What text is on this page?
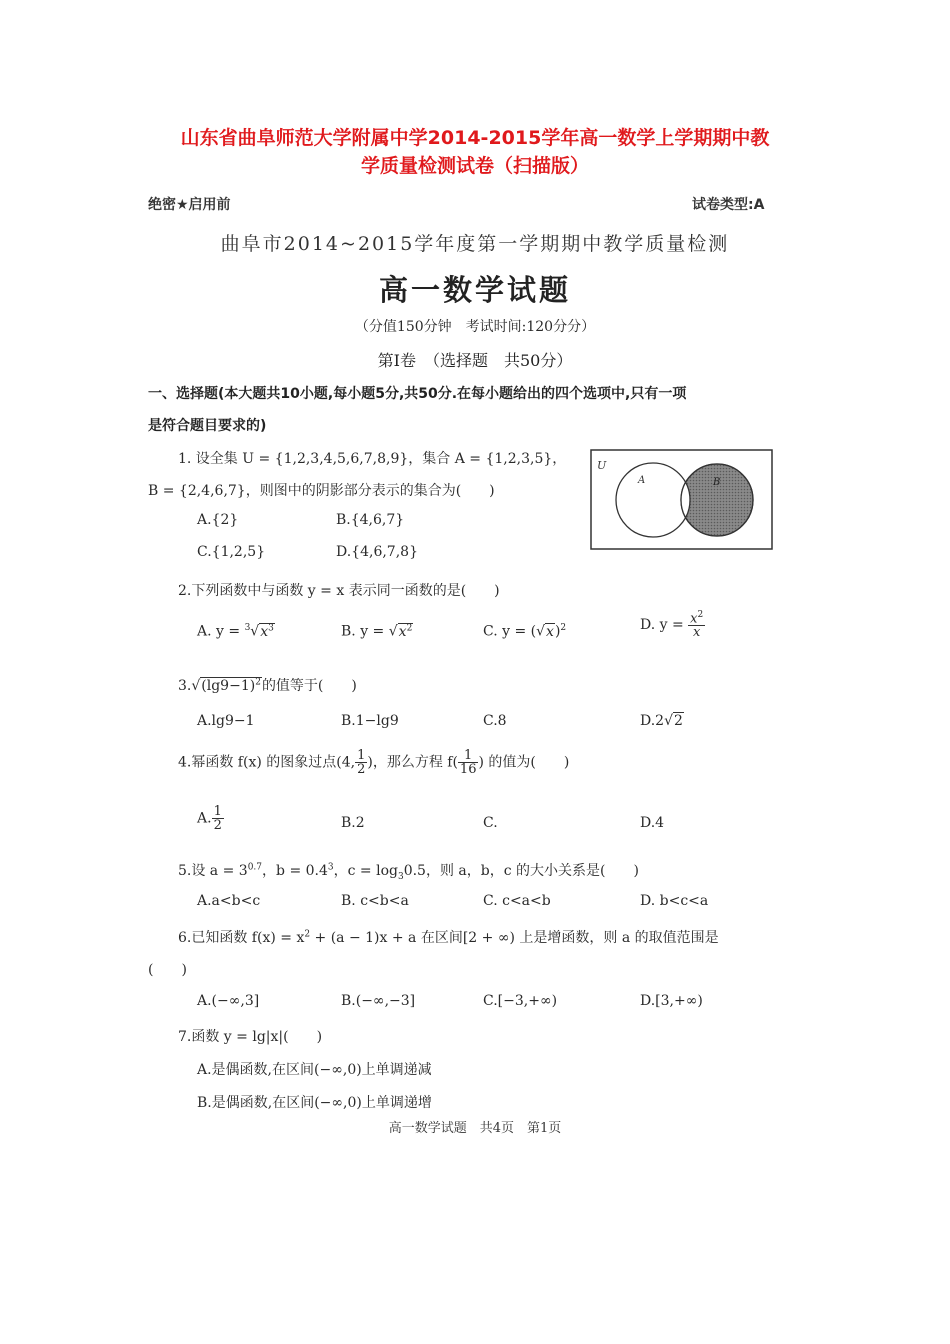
山东省曲阜师范大学附属中学2014-2015学年高一数学上学期期中教
学质量检测试卷（扫描版）
绝密★启用前	试卷类型:A
曲阜市2014~2015学年度第一学期期中教学质量检测
高一数学试题
（分值150分钟　考试时间:120分分）
第Ⅰ卷　（选择题　共50分）
一、选择题(本大题共10小题,每小题5分,共50分.在每小题给出的四个选项中,只有一项
是符合题目要求的)
1. 设全集 U = {1,2,3,4,5,6,7,8,9}，集合 A = {1,2,3,5}，
B = {2,4,6,7}，则图中的阴影部分表示的集合为(　　)
A.{2}	B.{4,6,7}
C.{1,2,5}	D.{4,6,7,8}
U
A	B
2.下列函数中与函数 y = x 表示同一函数的是(　　)
A. $y = ^3√x^3$	B. $y = √x^2$	C. $y = (√x)^2$	D. $y = \frac{x^2}{x}$
$3.√(\lg 9-1)^2$的值等于(　　)
A.lg9−1	B.1−lg9	C.8	D.2√2
4.幂函数 f(x) 的图象过点(4, $\frac{1}{2}$ )，那么方程 $f( \frac{1}{16}$ ) 的值为(　　)
A. $\frac{1}{2}$	B.2	C.	D.4
5.设 $a = 3^{0.7}$，$b = 0.4^3$，$c = \log_30.5$，则 a，b，c 的大小关系是(　　)
A.a<b<c	B. c<b<a	C. c<a<b	D. b<c<a
6.已知函数 $f(x) = x^2 + (a - 1)x + a$ 在区间[2 + ∞) 上是增函数，则 a 的取值范围是
(　　)
A.(−∞,3]	B.(−∞,−3]	C.[−3,+∞)	D.[3,+∞)
7.函数 y = lg|x|(　　)
A.是偶函数,在区间(−∞,0)上单调递减
B.是偶函数,在区间(−∞,0)上单调递增
高一数学试题　共4页　第1页
